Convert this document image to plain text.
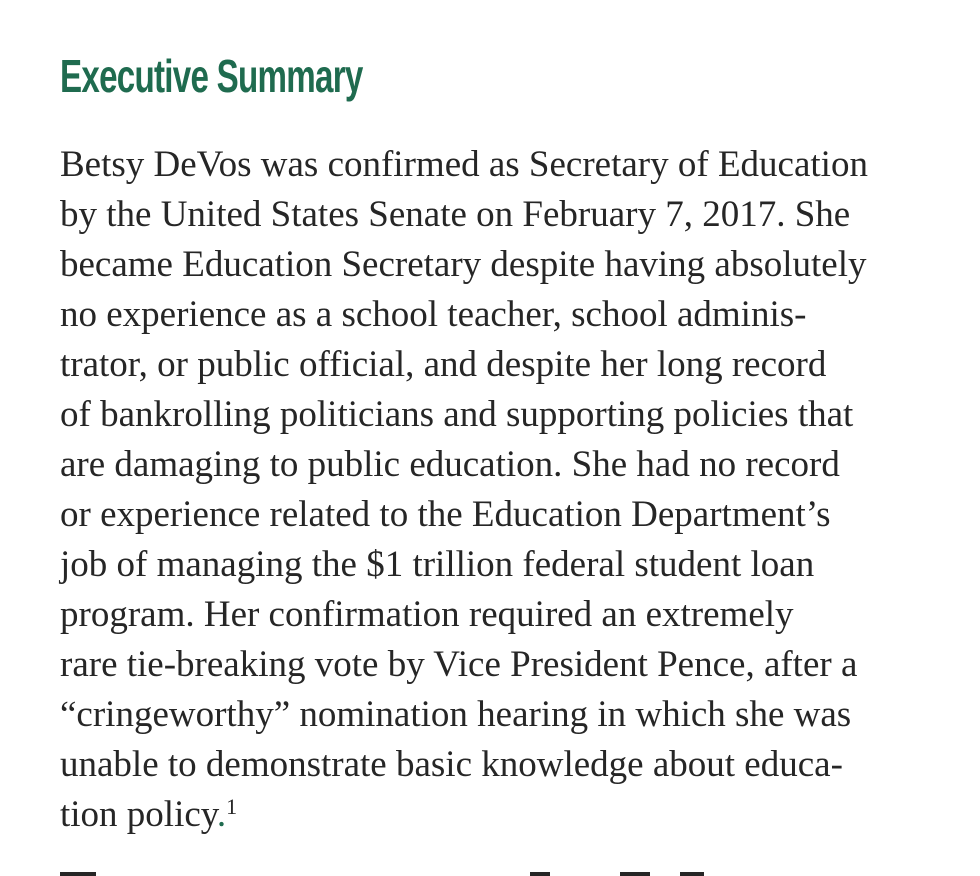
Executive Summary
Betsy DeVos was confirmed as Secretary of Education
by the United States Senate on February 7, 2017. She
became Education Secretary despite having absolutely
no experience as a school teacher, school adminis-
trator, or public official, and despite her long record
of bankrolling politicians and supporting policies that
are damaging to public education. She had no record
or experience related to the Education Department’s
job of managing the $1 trillion federal student loan
program. Her confirmation required an extremely
rare tie-breaking vote by Vice President Pence, after a
“cringeworthy” nomination hearing in which she was
unable to demonstrate basic knowledge about educa-
tion policy.$^1$
